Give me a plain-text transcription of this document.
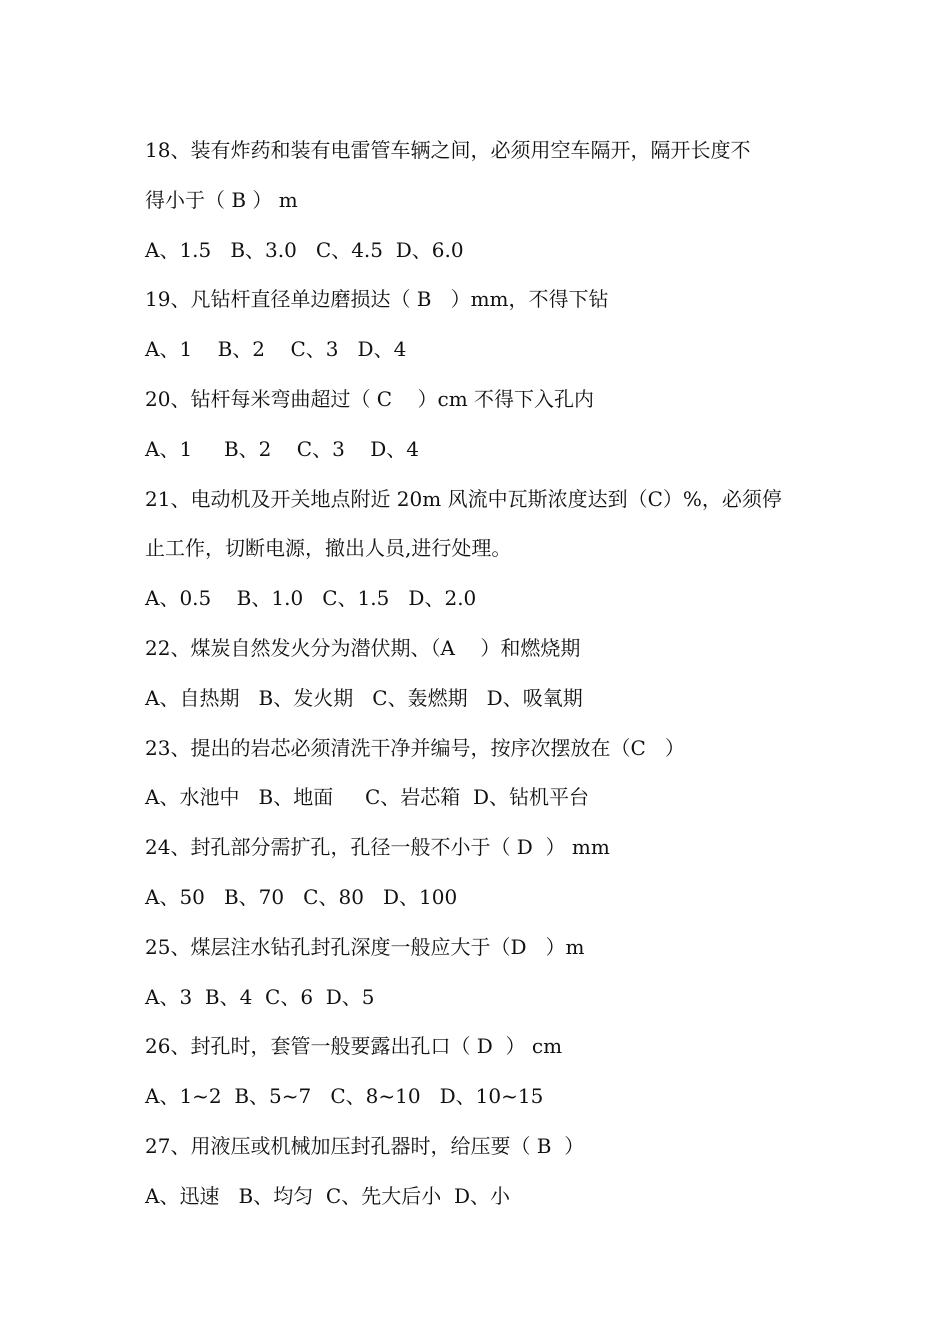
18、装有炸药和装有电雷管车辆之间，必须用空车隔开，隔开长度不

得小于（ B ） m

A、1.5   B、3.0   C、4.5  D、6.0

19、凡钻杆直径单边磨损达（ B   ）mm，不得下钻

A、1    B、2    C、3   D、4

20、钻杆每米弯曲超过（ C    ）cm 不得下入孔内

A、1     B、2    C、3    D、4

21、电动机及开关地点附近 20m 风流中瓦斯浓度达到（C）%，必须停

止工作，切断电源，撤出人员,进行处理。

A、0.5    B、1.0   C、1.5   D、2.0

22、煤炭自然发火分为潜伏期、（A    ）和燃烧期

A、自热期   B、发火期   C、轰燃期   D、吸氧期

23、提出的岩芯必须清洗干净并编号，按序次摆放在（C   ）

A、水池中   B、地面     C、岩芯箱  D、钻机平台

24、封孔部分需扩孔，孔径一般不小于（ D  ） mm

A、50   B、70   C、80   D、100

25、煤层注水钻孔封孔深度一般应大于（D   ）m

A、3  B、4  C、6  D、5

26、封孔时，套管一般要露出孔口（ D  ） cm

A、1~2  B、5~7   C、8~10   D、10~15

27、用液压或机械加压封孔器时，给压要（ B  ）

A、迅速   B、均匀  C、先大后小  D、小
